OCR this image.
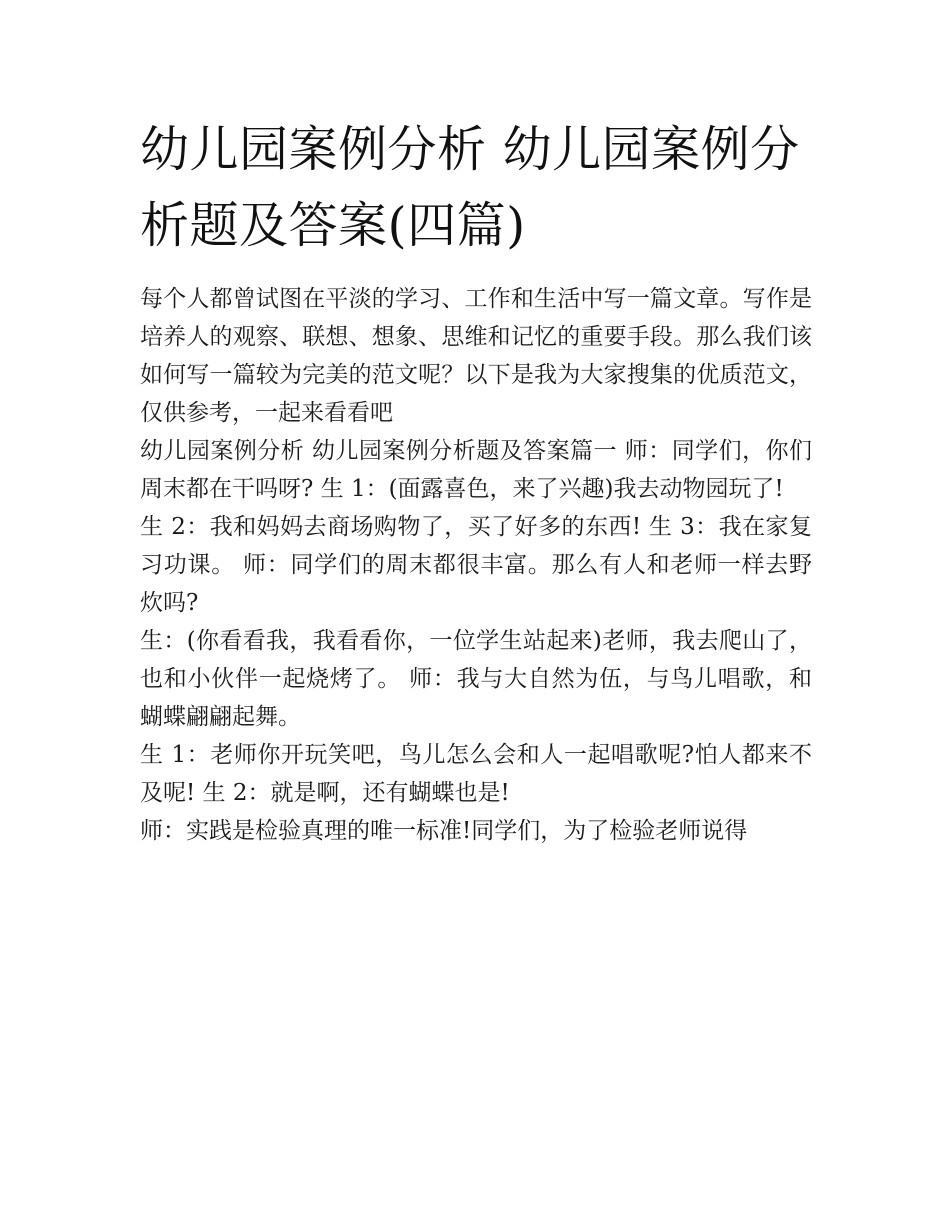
幼儿园案例分析 幼儿园案例分析题及答案(四篇)

每个人都曾试图在平淡的学习、工作和生活中写一篇文章。写作是培养人的观察、联想、想象、思维和记忆的重要手段。那么我们该如何写一篇较为完美的范文呢？以下是我为大家搜集的优质范文，仅供参考，一起来看看吧

幼儿园案例分析 幼儿园案例分析题及答案篇一 师：同学们，你们周末都在干吗呀? 生 1：(面露喜色，来了兴趣)我去动物园玩了!

生 2：我和妈妈去商场购物了，买了好多的东西! 生 3：我在家复习功课。 师：同学们的周末都很丰富。那么有人和老师一样去野炊吗?

生：(你看看我，我看看你，一位学生站起来)老师，我去爬山了，也和小伙伴一起烧烤了。 师：我与大自然为伍，与鸟儿唱歌，和蝴蝶翩翩起舞。

生 1：老师你开玩笑吧，鸟儿怎么会和人一起唱歌呢?怕人都来不及呢! 生 2：就是啊，还有蝴蝶也是!

师：实践是检验真理的唯一标准!同学们，为了检验老师说得
